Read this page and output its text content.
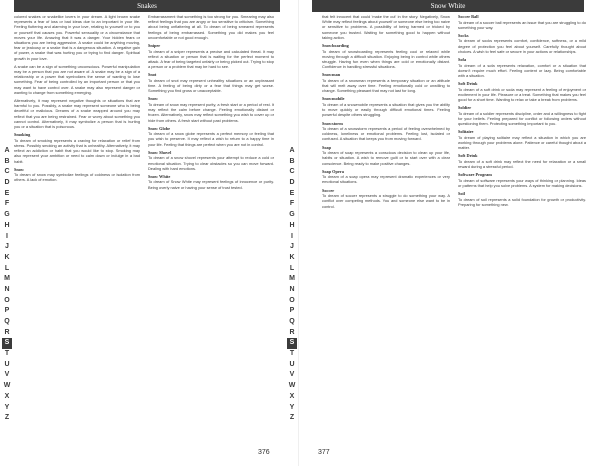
Snakes	Snow White
A
B
C
D
E
F
G
H
I
J
K
L
M
N
O
P
Q
R
S
T
U
V
W
X
Y
Z
A
B
C
D
E
F
G
H
I
J
K
L
M
N
O
P
Q
R
S
T
U
V
W
X
Y
Z
colored snakes or snakelike lovers in your dream. A light brown snake represents a fear of loss or bad ideas due to an important in your life. Feeling fluttering and alarming in your love, relating to yourself or to you or yourself that causes you. Powerful sensuality or a circumstance that moves your life. Amazing that it was a danger. Your hidden fears or situations you are being aggressive. A snake could be anything moving, fear or jealousy or a snake that is a dangerous situation. A negative gain of power, a snake that was hurting you or trying to find danger. Spiritual growth in your love.
A snake can be a sign of something unconscious. Powerful manipulation may be a person that you are not aware of. A snake may be a sign of a relationship or a power that symbolizes the sense of wanting to lose something. Fear of being controlled by an important person or that you may want to have control over. A snake may also represent danger or wanting to change from something emerging.
Alternatively, it may represent negative thoughts or situations that are harmful to you. Possibly, a snake may represent someone who is being deceitful or malicious. Dreams of a snake wrapped around you may reflect that you are being restrained. Fear or worry about something you cannot control. Alternatively, it may symbolize a person that is hurting you or a situation that is poisonous.
Smoking
To dream of smoking represents a craving for relaxation or relief from stress. Possibly smoking an activity that is unhealthy. Alternatively, it may reflect an addiction or habit that you would like to stop. Smoking may also represent your ambition or need to calm down or indulge in a bad habit.
Snow
To dream of snow may symbolize feelings of coldness or isolation from others. A lack of emotion.
Embarrassment that something is too strong for you. Smearing may also reflect feelings that you are angry or too sensitive to criticism. Something about being unflattering at all. To dream of being smeared represents feelings of being embarrassed. Something you did makes you feel uncomfortable or not good enough.
Sniper
To dream of a sniper represents a precise and calculated threat. It may reflect a situation or person that is waiting for the perfect moment to attack. A fear of being targeted unfairly or being picked out. Trying to stop a person or a problem that may be hard to see.
Snot
To dream of snot may represent unhealthy situations or an unpleasant time. A feeling of being dirty or a fear that things may get worse. Something you find gross or unacceptable.
Snow
To dream of snow may represent purity, a fresh start or a period of rest. It may reflect the calm before change. Feeling emotionally distant or frozen. Alternatively, snow may reflect something you wish to cover up or hide from others. A fresh start without past problems.
Snow Globe
To dream of a snow globe represents a perfect memory or feeling that you wish to preserve. It may reflect a wish to return to a happy time in your life. Feeling that things are perfect when you are not in control.
Snow Shovel
To dream of a snow shovel represents your attempt to reduce a cold or emotional situation. Trying to clear obstacles so you can move forward. Dealing with hard emotions.
Snow White
To dream of Snow White may represent feelings of innocence or purity. Being overly naive or having your sense of trust tested.
that felt innocent that could 'make the cut' in the story. Negatively, Snow White may reflect feelings about yourself or someone else being too naive or sensitive to problems. A possibility of being harmed or tricked by someone you trusted. Waiting for something good to happen without taking action.
Snowboarding
To dream of snowboarding represents feeling cool or relaxed while moving through a difficult situation. Enjoying being in control while others struggle. Having fun even when things are cold or emotionally distant. Confidence in handling stressful situations.
Snowman
To dream of a snowman represents a temporary situation or an attitude that will melt away over time. Feeling emotionally cold or unwilling to change. Something pleasant that may not last for long.
Snowmobile
To dream of a snowmobile represents a situation that gives you the ability to move quickly or easily through difficult emotional times. Feeling powerful despite others struggling.
Snowstorm
To dream of a snowstorm represents a period of feeling overwhelmed by coldness, loneliness or emotional problems. Feeling lost, isolated or confused. A situation that keeps you from moving forward.
Soap
To dream of soap represents a conscious decision to clean up your life, habits or situation. A wish to remove guilt or to start over with a clear conscience. Being ready to make positive changes.
Soap Opera
To dream of a soap opera may represent dramatic experiences or very emotional situations.
Soccer
To dream of soccer represents a struggle to do something your way. A conflict over competing methods. You and someone else want to be in control.
Soccer Ball
To dream of a soccer ball represents an issue that you are struggling to do something your way.
Socks
To dream of socks represents comfort, confidence, softness, or a mild degree of protection you feel about yourself. Carefully thought about choices. A wish to feel safe or secure in your actions or relationships.
Sofa
To dream of a sofa represents relaxation, comfort or a situation that doesn't require much effort. Feeling content or lazy. Being comfortable with a situation.
Soft Drink
To dream of a soft drink or soda may represent a feeling of enjoyment or excitement in your life. Pleasure or a treat. Something that makes you feel good for a short time. Wanting to relax or take a break from problems.
Soldier
To dream of a soldier represents discipline, order and a willingness to fight for your beliefs. Feeling prepared for conflict or following orders without questioning them. Protecting something important to you.
Solitaire
To dream of playing solitaire may reflect a situation in which you are working through your problems alone. Patience or careful thought about a matter.
Soft Drink
To dream of a soft drink may reflect the need for relaxation or a small reward during a stressful period.
Software Program
To dream of software represents your ways of thinking or planning. Ideas or patterns that help you solve problems. A system for making decisions.
Soil
To dream of soil represents a solid foundation for growth or productivity. Preparing for something new.
376	377
